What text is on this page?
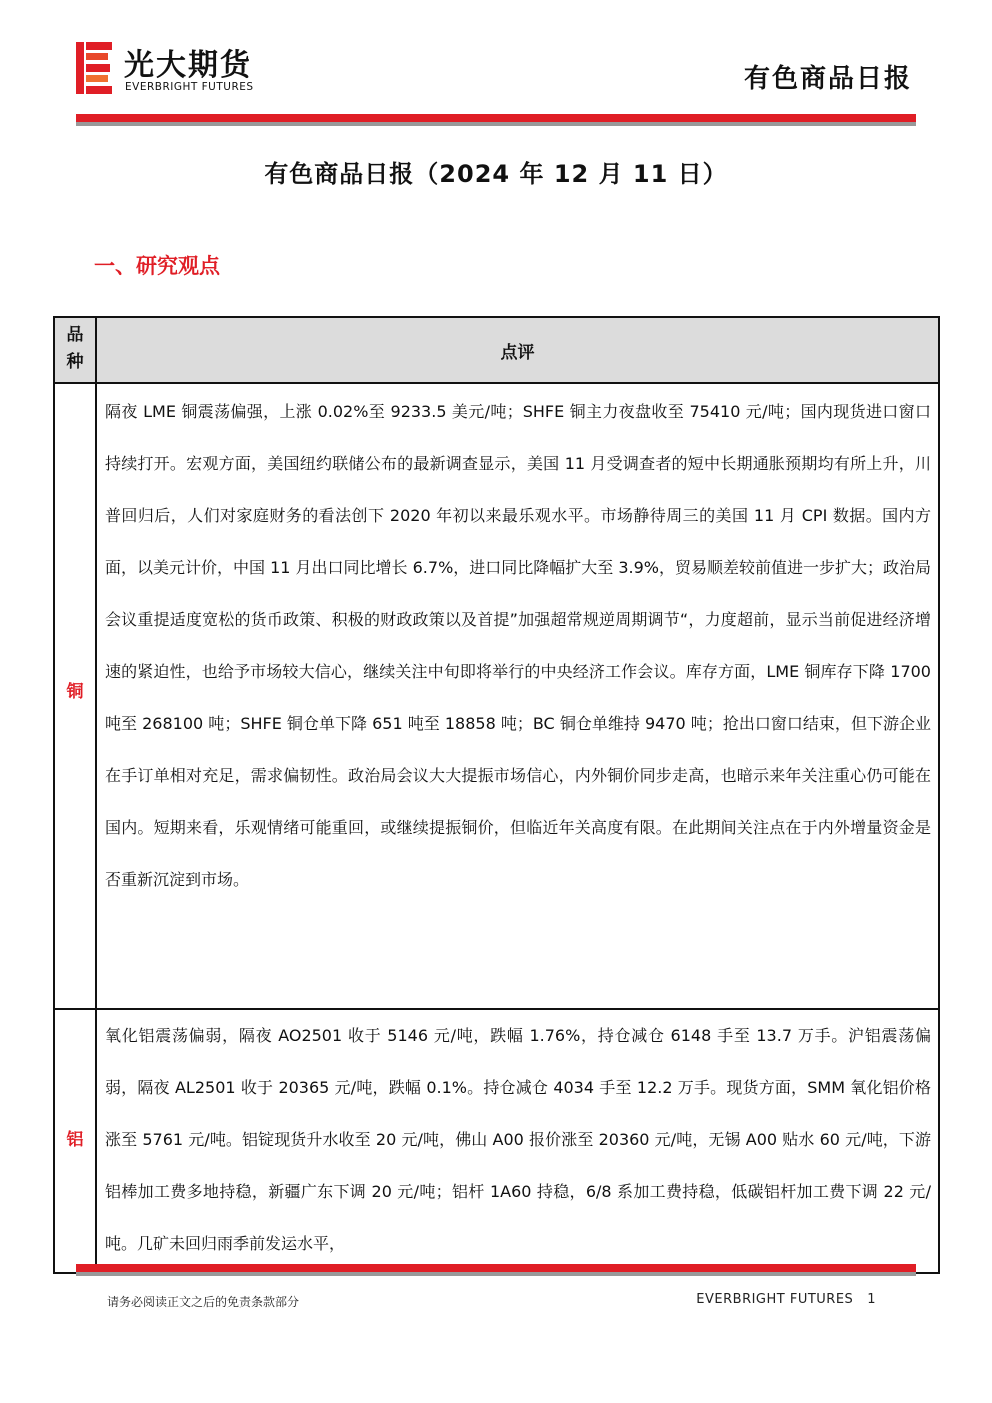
光大期货
EVERBRIGHT FUTURES	有色商品日报
有色商品日报（2024 年 12 月 11 日）
一、研究观点
品
种	点评
铜

隔夜 LME 铜震荡偏强，上涨 0.02%至 9233.5 美元/吨；SHFE 铜主力夜盘收至 75410 元/吨；国内现货进口窗口持续打开。宏观方面，美国纽约联储公布的最新调查显示，美国 11 月受调查者的短中长期通胀预期均有所上升，川普回归后，人们对家庭财务的看法创下 2020 年初以来最乐观水平。市场静待周三的美国 11 月 CPI 数据。国内方面，以美元计价，中国 11 月出口同比增长 6.7%，进口同比降幅扩大至 3.9%，贸易顺差较前值进一步扩大；政治局会议重提适度宽松的货币政策、积极的财政政策以及首提”加强超常规逆周期调节“，力度超前，显示当前促进经济增速的紧迫性，也给予市场较大信心，继续关注中旬即将举行的中央经济工作会议。库存方面，LME 铜库存下降 1700 吨至 268100 吨；SHFE 铜仓单下降 651 吨至 18858 吨；BC 铜仓单维持 9470 吨；抢出口窗口结束，但下游企业在手订单相对充足，需求偏韧性。政治局会议大大提振市场信心，内外铜价同步走高，也暗示来年关注重心仍可能在国内。短期来看，乐观情绪可能重回，或继续提振铜价，但临近年关高度有限。在此期间关注点在于内外增量资金是否重新沉淀到市场。

铝

氧化铝震荡偏弱，隔夜 AO2501 收于 5146 元/吨，跌幅 1.76%，持仓减仓 6148 手至 13.7 万手。沪铝震荡偏弱，隔夜 AL2501 收于 20365 元/吨，跌幅 0.1%。持仓减仓 4034 手至 12.2 万手。现货方面，SMM 氧化铝价格涨至 5761 元/吨。铝锭现货升水收至 20 元/吨，佛山 A00 报价涨至 20360 元/吨，无锡 A00 贴水 60 元/吨，下游铝棒加工费多地持稳，新疆广东下调 20 元/吨；铝杆 1A60 持稳，6/8 系加工费持稳，低碳铝杆加工费下调 22 元/吨。几矿未回归雨季前发运水平，

请务必阅读正文之后的免责条款部分	EVERBRIGHT FUTURES 1
